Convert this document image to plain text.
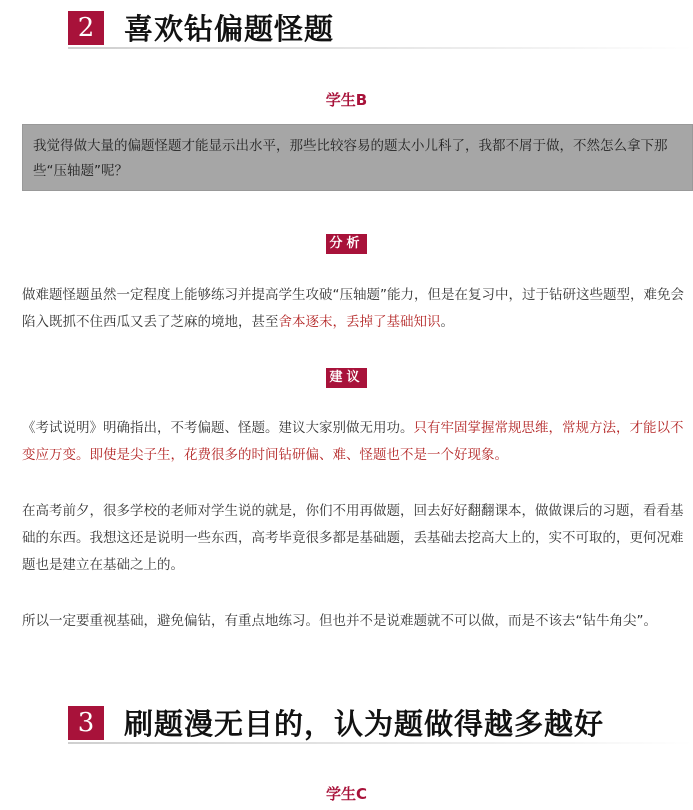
2	喜欢钻偏题怪题
学生B
我觉得做大量的偏题怪题才能显示出水平，那些比较容易的题太小儿科了，我都不屑于做，不然怎么拿下那些“压轴题”呢？
分析
做难题怪题虽然一定程度上能够练习并提高学生攻破“压轴题”能力，但是在复习中，过于钻研这些题型，难免会陷入既抓不住西瓜又丢了芝麻的境地，甚至舍本逐末，丢掉了基础知识。
建议
《考试说明》明确指出，不考偏题、怪题。建议大家别做无用功。只有牢固掌握常规思维，常规方法，才能以不变应万变。即使是尖子生，花费很多的时间钻研偏、难、怪题也不是一个好现象。
在高考前夕，很多学校的老师对学生说的就是，你们不用再做题，回去好好翻翻课本，做做课后的习题，看看基础的东西。我想这还是说明一些东西，高考毕竟很多都是基础题，丢基础去挖高大上的，实不可取的，更何况难题也是建立在基础之上的。
所以一定要重视基础，避免偏钻，有重点地练习。但也并不是说难题就不可以做，而是不该去“钻牛角尖”。
3	刷题漫无目的，认为题做得越多越好
学生C
